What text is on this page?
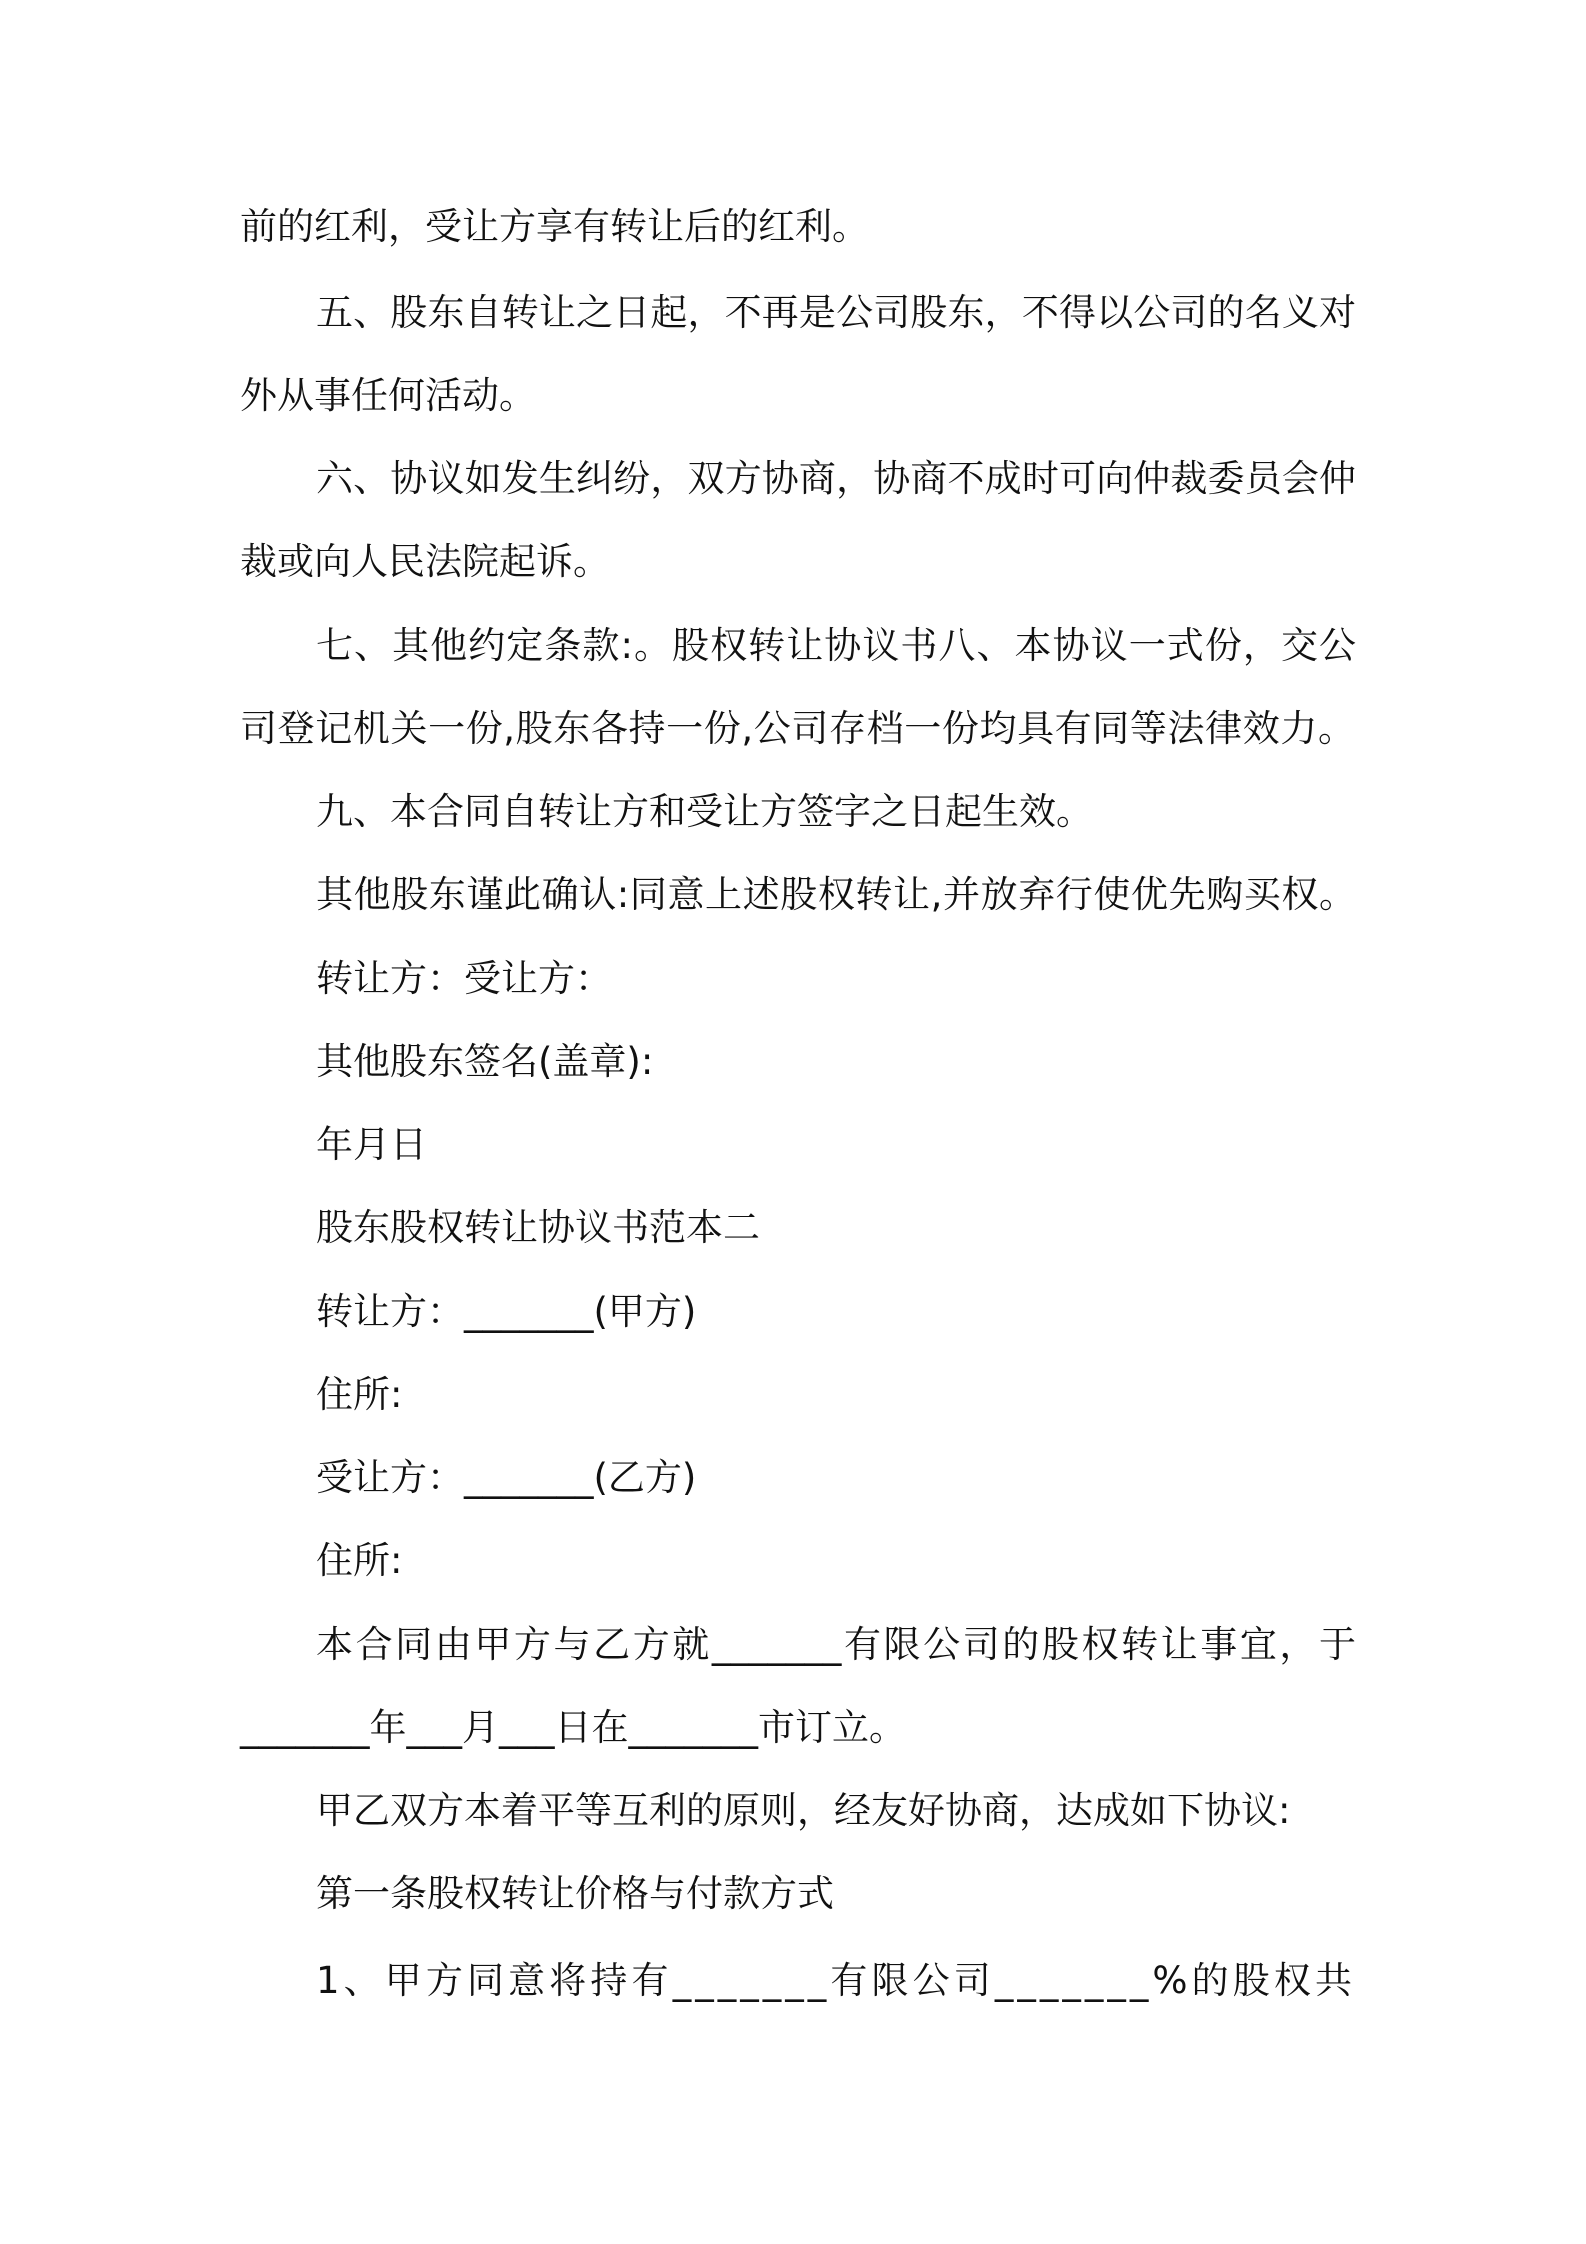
前的红利，受让方享有转让后的红利。
五、股东自转让之日起，不再是公司股东，不得以公司的名义对
外从事任何活动。
六、协议如发生纠纷，双方协商，协商不成时可向仲裁委员会仲
裁或向人民法院起诉。
七、其他约定条款:。股权转让协议书八、本协议一式份，交公
司登记机关一份,股东各持一份,公司存档一份均具有同等法律效力。
九、本合同自转让方和受让方签字之日起生效。
其他股东谨此确认:同意上述股权转让,并放弃行使优先购买权。
转让方：受让方：
其他股东签名(盖章):
年月日
股东股权转让协议书范本二
转让方：_______(甲方)
住所:
受让方：_______(乙方)
住所:
本合同由甲方与乙方就_______有限公司的股权转让事宜，于
_______年___月___日在_______市订立。
甲乙双方本着平等互利的原则，经友好协商，达成如下协议:
第一条股权转让价格与付款方式
1、甲方同意将持有_______有限公司_______%的股权共
